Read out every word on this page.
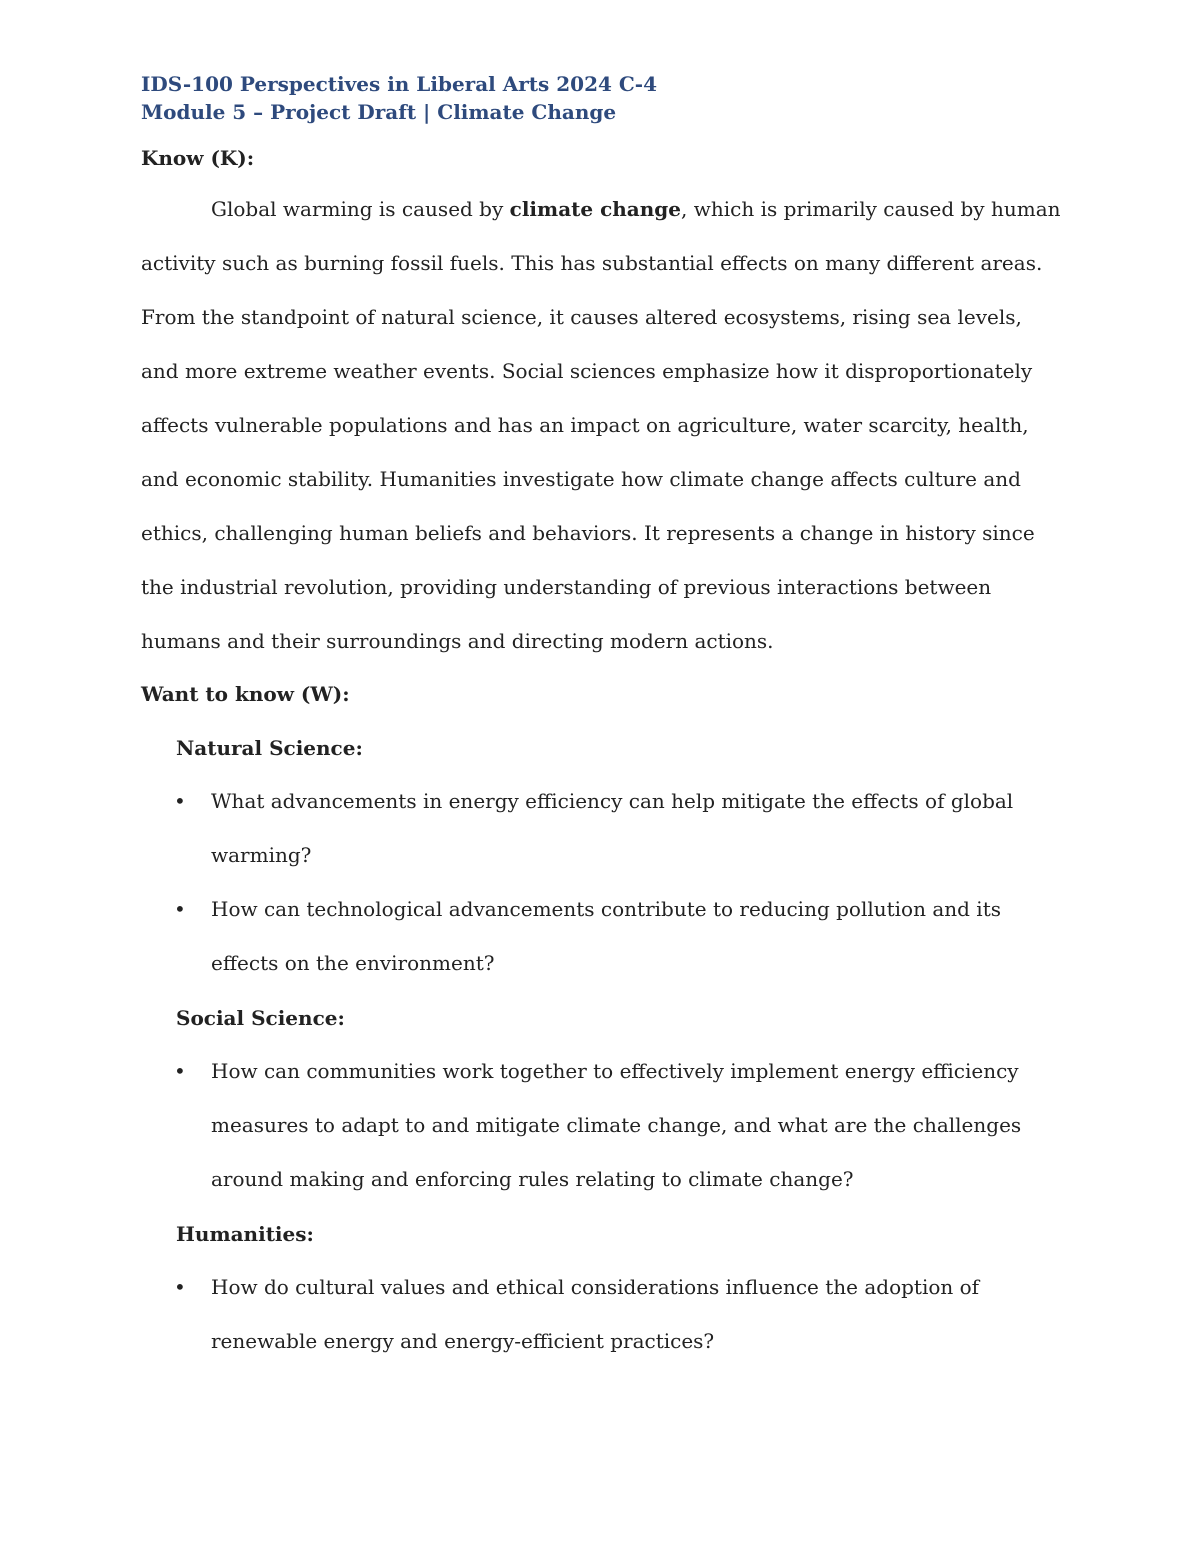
IDS-100 Perspectives in Liberal Arts 2024 C-4
Module 5 – Project Draft | Climate Change
Know (K):
Global warming is caused by climate change, which is primarily caused by human activity such as burning fossil fuels. This has substantial effects on many different areas. From the standpoint of natural science, it causes altered ecosystems, rising sea levels, and more extreme weather events. Social sciences emphasize how it disproportionately affects vulnerable populations and has an impact on agriculture, water scarcity, health, and economic stability. Humanities investigate how climate change affects culture and ethics, challenging human beliefs and behaviors. It represents a change in history since the industrial revolution, providing understanding of previous interactions between humans and their surroundings and directing modern actions.
Want to know (W):
Natural Science:
• What advancements in energy efficiency can help mitigate the effects of global warming?
• How can technological advancements contribute to reducing pollution and its effects on the environment?
Social Science:
• How can communities work together to effectively implement energy efficiency measures to adapt to and mitigate climate change, and what are the challenges around making and enforcing rules relating to climate change?
Humanities:
• How do cultural values and ethical considerations influence the adoption of renewable energy and energy-efficient practices?
